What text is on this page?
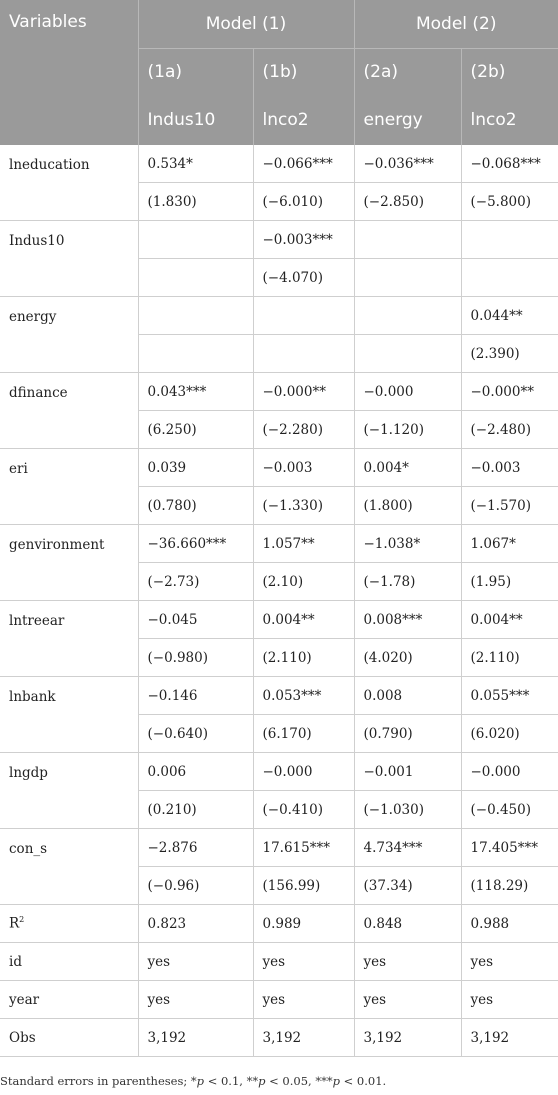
Variables	Model (1)		Model (2)	
	(1a)	(1b)	(2a)	(2b)
	Indus10	lnco2	energy	lnco2
lneducation	0.534*	−0.066***	−0.036***	−0.068***
	(1.830)	(−6.010)	(−2.850)	(−5.800)
Indus10		−0.003***		
		(−4.070)		
energy				0.044**
				(2.390)
dfinance	0.043***	−0.000**	−0.000	−0.000**
	(6.250)	(−2.280)	(−1.120)	(−2.480)
eri	0.039	−0.003	0.004*	−0.003
	(0.780)	(−1.330)	(1.800)	(−1.570)
genvironment	−36.660***	1.057**	−1.038*	1.067*
	(−2.73)	(2.10)	(−1.78)	(1.95)
lntreear	−0.045	0.004**	0.008***	0.004**
	(−0.980)	(2.110)	(4.020)	(2.110)
lnbank	−0.146	0.053***	0.008	0.055***
	(−0.640)	(6.170)	(0.790)	(6.020)
lngdp	0.006	−0.000	−0.001	−0.000
	(0.210)	(−0.410)	(−1.030)	(−0.450)
con_s	−2.876	17.615***	4.734***	17.405***
	(−0.96)	(156.99)	(37.34)	(118.29)
$R^2$	0.823	0.989	0.848	0.988
id	yes	yes	yes	yes
year	yes	yes	yes	yes
Obs	3,192	3,192	3,192	3,192
Standard errors in parentheses; *p < 0.1, **p < 0.05, ***p < 0.01.
